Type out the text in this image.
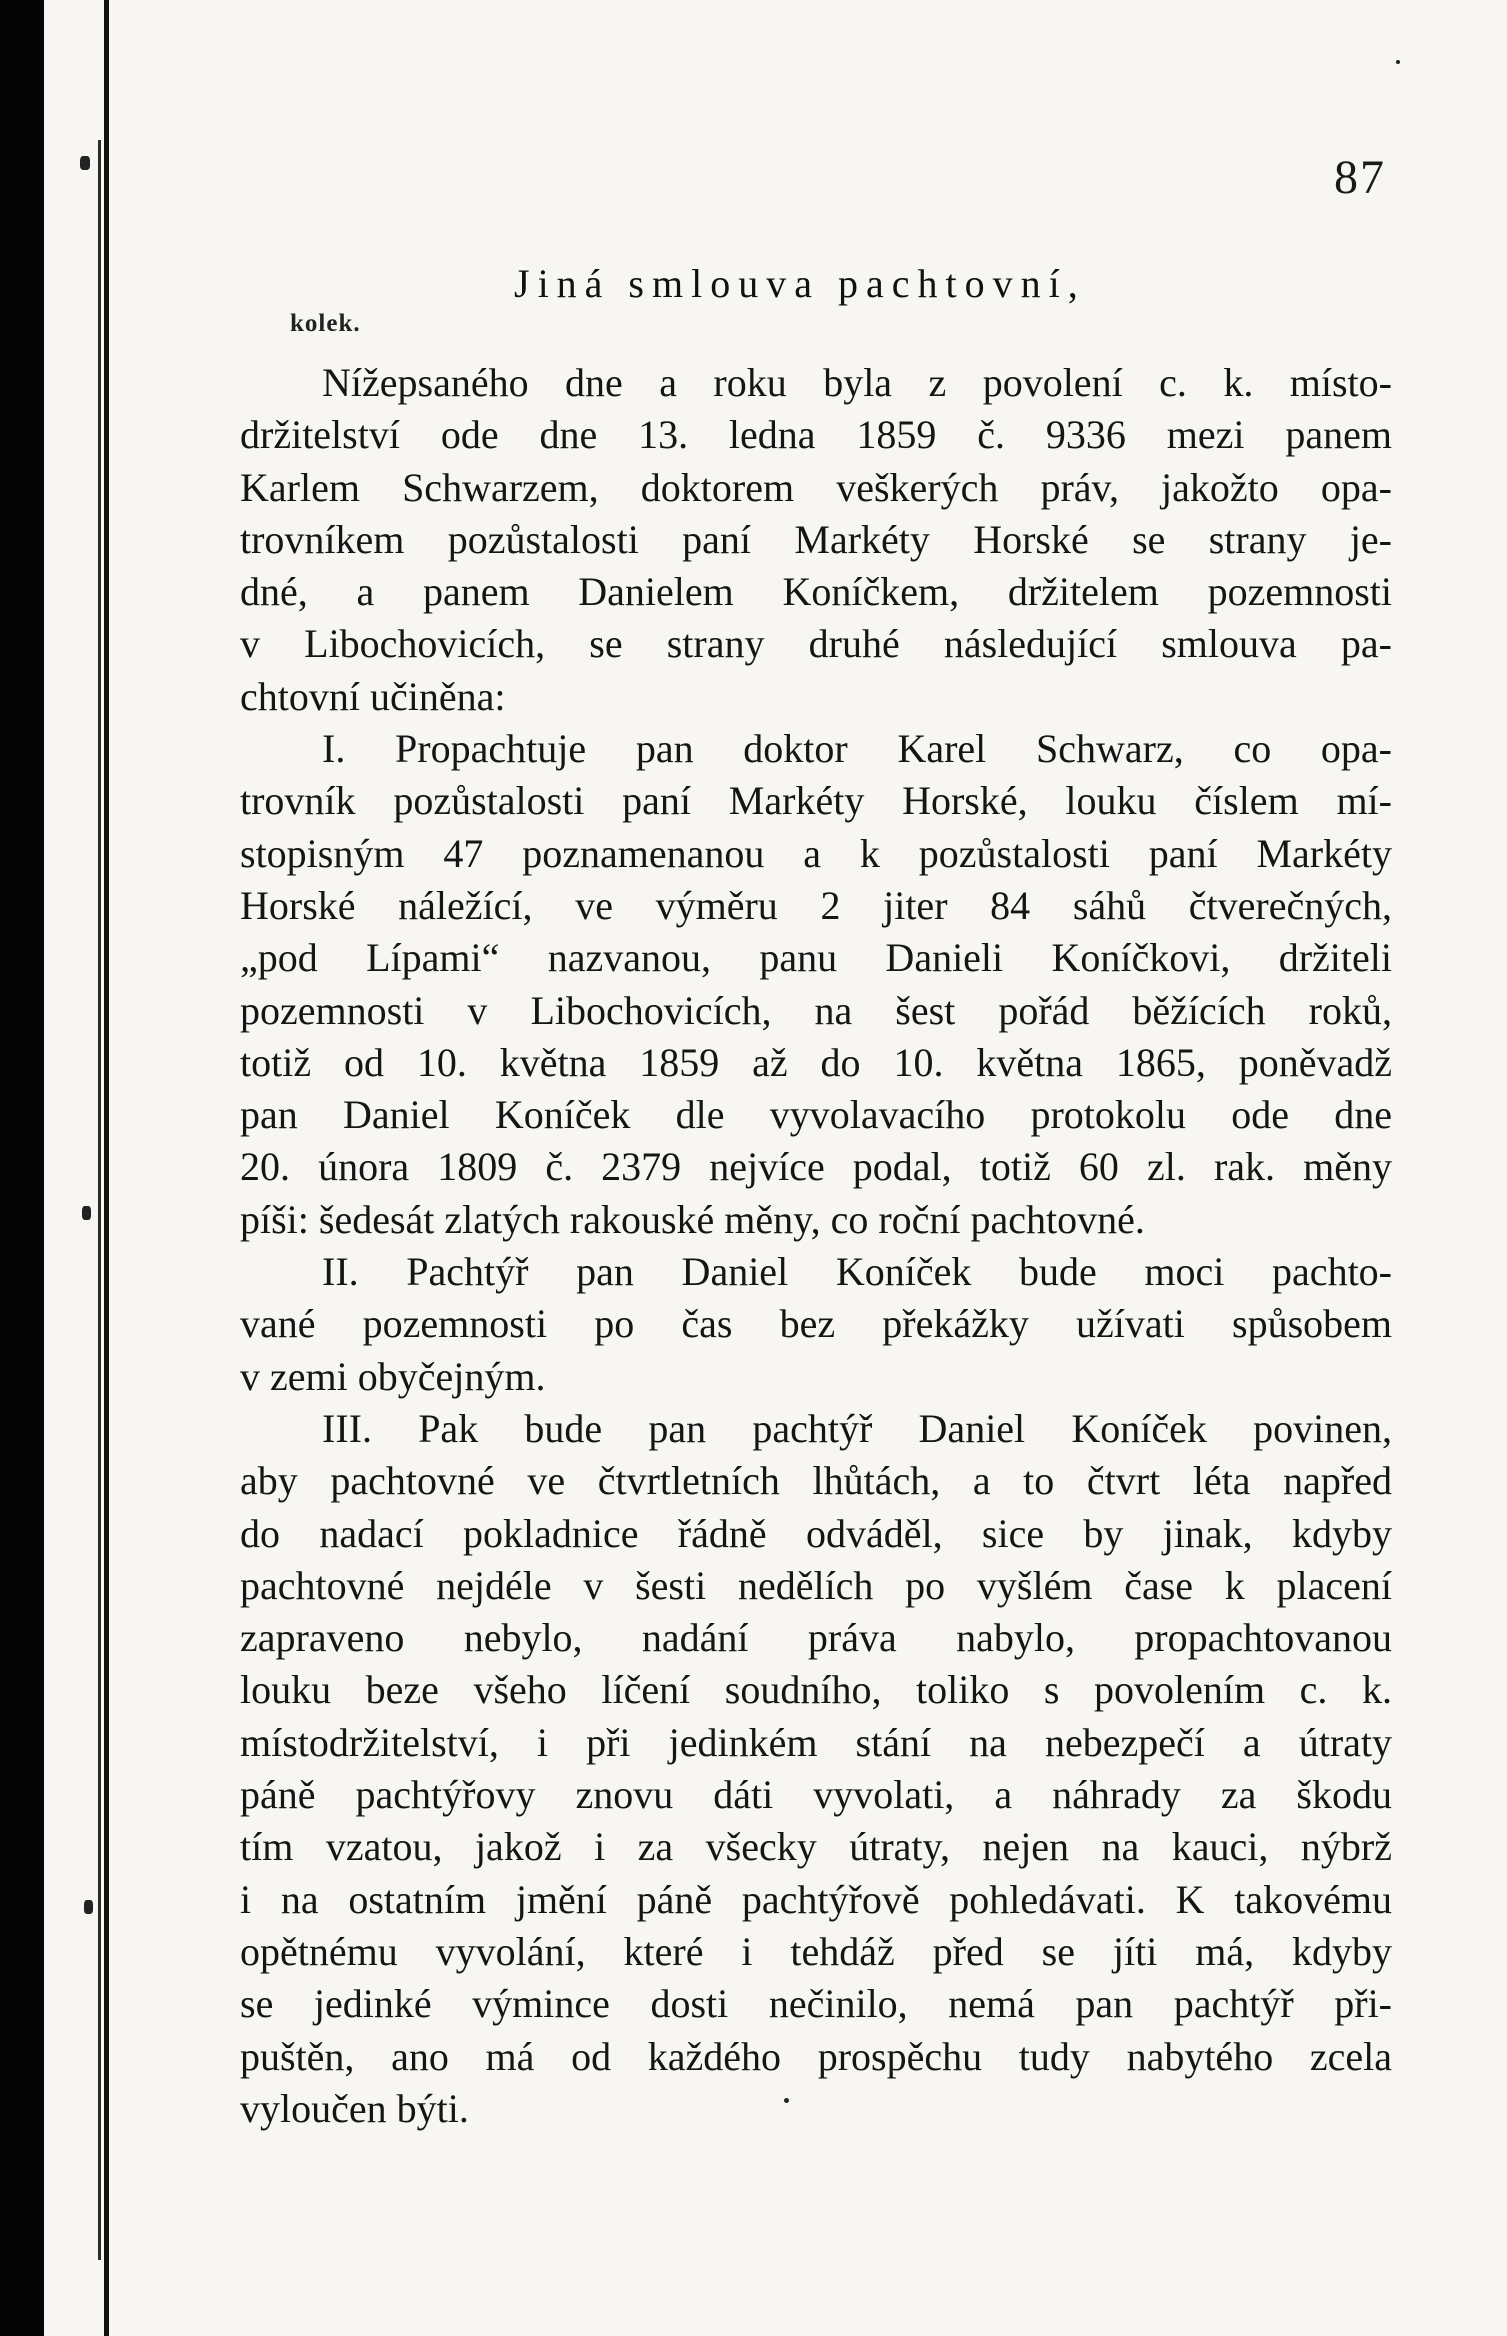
87
Jiná smlouva pachtovní,
kolek.
Nížepsaného dne a roku byla z povolení c. k. místo-
držitelství ode dne 13. ledna 1859 č. 9336 mezi panem
Karlem Schwarzem, doktorem veškerých práv, jakožto opa-
trovníkem pozůstalosti paní Markéty Horské se strany je-
dné, a panem Danielem Koníčkem, držitelem pozemnosti
v Libochovicích, se strany druhé následující smlouva pa-
chtovní učiněna:
I. Propachtuje pan doktor Karel Schwarz, co opa-
trovník pozůstalosti paní Markéty Horské, louku číslem mí-
stopisným 47 poznamenanou a k pozůstalosti paní Markéty
Horské náležící, ve výměru 2 jiter 84 sáhů čtverečných,
„pod Lípami“ nazvanou, panu Danieli Koníčkovi, držiteli
pozemnosti v Libochovicích, na šest pořád běžících roků,
totiž od 10. května 1859 až do 10. května 1865, poněvadž
pan Daniel Koníček dle vyvolavacího protokolu ode dne
20. února 1809 č. 2379 nejvíce podal, totiž 60 zl. rak. měny
píši: šedesát zlatých rakouské měny, co roční pachtovné.
II. Pachtýř pan Daniel Koníček bude moci pachto-
vané pozemnosti po čas bez překážky užívati spůsobem
v zemi obyčejným.
III. Pak bude pan pachtýř Daniel Koníček povinen,
aby pachtovné ve čtvrtletních lhůtách, a to čtvrt léta napřed
do nadací pokladnice řádně odváděl, sice by jinak, kdyby
pachtovné nejdéle v šesti nedělích po vyšlém čase k placení
zapraveno nebylo, nadání práva nabylo, propachtovanou
louku beze všeho líčení soudního, toliko s povolením c. k.
místodržitelství, i při jedinkém stání na nebezpečí a útraty
páně pachtýřovy znovu dáti vyvolati, a náhrady za škodu
tím vzatou, jakož i za všecky útraty, nejen na kauci, nýbrž
i na ostatním jmění páně pachtýřově pohledávati. K takovému
opětnému vyvolání, které i tehdáž před se jíti má, kdyby
se jedinké výmince dosti nečinilo, nemá pan pachtýř při-
puštěn, ano má od každého prospěchu tudy nabytého zcela
vyloučen býti.
